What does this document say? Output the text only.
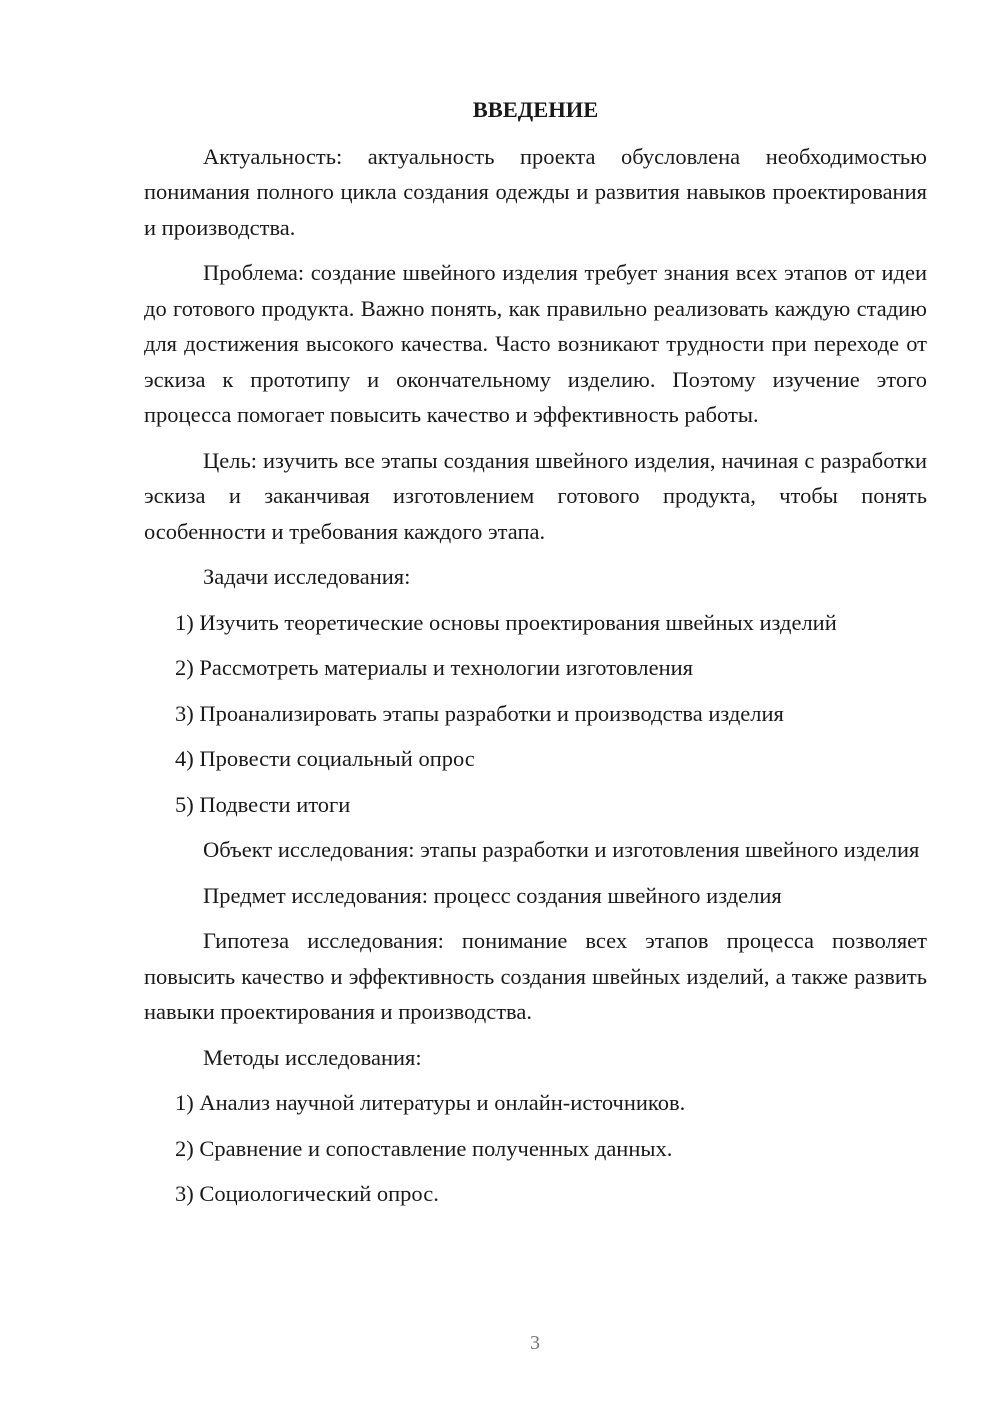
ВВЕДЕНИЕ

Актуальность: актуальность проекта обусловлена необходимостью понимания полного цикла создания одежды и развития навыков проектирования и производства.

Проблема: создание швейного изделия требует знания всех этапов от идеи до готового продукта. Важно понять, как правильно реализовать каждую стадию для достижения высокого качества. Часто возникают трудности при переходе от эскиза к прототипу и окончательному изделию. Поэтому изучение этого процесса помогает повысить качество и эффективность работы.

Цель: изучить все этапы создания швейного изделия, начиная с разработки эскиза и заканчивая изготовлением готового продукта, чтобы понять особенности и требования каждого этапа.

Задачи исследования:

1) Изучить теоретические основы проектирования швейных изделий
2) Рассмотреть материалы и технологии изготовления
3) Проанализировать этапы разработки и производства изделия
4) Провести социальный опрос
5) Подвести итоги

Объект исследования: этапы разработки и изготовления швейного изделия

Предмет исследования: процесс создания швейного изделия

Гипотеза исследования: понимание всех этапов процесса позволяет повысить качество и эффективность создания швейных изделий, а также развить навыки проектирования и производства.

Методы исследования:

1) Анализ научной литературы и онлайн-источников.
2) Сравнение и сопоставление полученных данных.
3) Социологический опрос.
3
